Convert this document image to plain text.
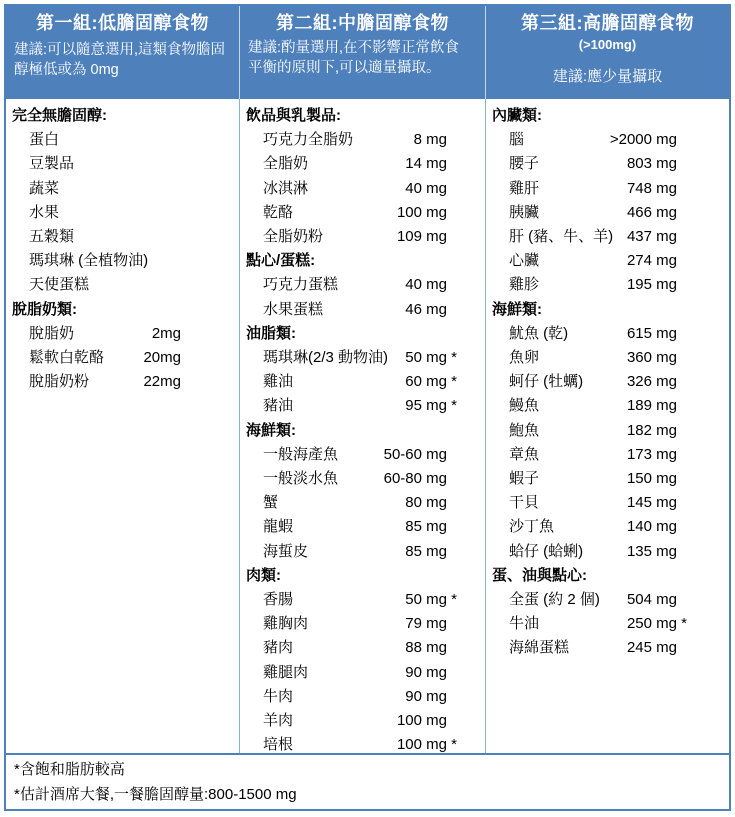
第一組:低膽固醇食物
建議:可以隨意選用,這類食物膽固醇極低或為 0mg
第二組:中膽固醇食物
建議:酌量選用,在不影響正常飲食平衡的原則下,可以適量攝取。
第三組:高膽固醇食物
(>100mg)
建議:應少量攝取
完全無膽固醇:
蛋白
豆製品
蔬菜
水果
五穀類
瑪琪琳 (全植物油)
天使蛋糕
脫脂奶類:
脫脂奶	2mg
鬆軟白乾酪	20mg
脫脂奶粉	22mg
飲品與乳製品:
巧克力全脂奶	8 mg
全脂奶	14 mg
冰淇淋	40 mg
乾酪	100 mg
全脂奶粉	109 mg
點心/蛋糕:
巧克力蛋糕	40 mg
水果蛋糕	46 mg
油脂類:
瑪琪琳(2/3 動物油)	50 mg *
雞油	60 mg *
豬油	95 mg *
海鮮類:
一般海產魚	50-60 mg
一般淡水魚	60-80 mg
蟹	80 mg
龍蝦	85 mg
海蜇皮	85 mg
肉類:
香腸	50 mg *
雞胸肉	79 mg
豬肉	88 mg
雞腿肉	90 mg
牛肉	90 mg
羊肉	100 mg
培根	100 mg *
內臟類:
腦	>2000 mg
腰子	803 mg
雞肝	748 mg
胰臟	466 mg
肝 (豬、牛、羊) 437 mg
心臟	274 mg
雞胗	195 mg
海鮮類:
魷魚 (乾)	615 mg
魚卵	360 mg
蚵仔 (牡蠣)	326 mg
鰻魚	189 mg
鮑魚	182 mg
章魚	173 mg
蝦子	150 mg
干貝	145 mg
沙丁魚	140 mg
蛤仔 (蛤蜊)	135 mg
蛋、油與點心:
全蛋 (約 2 個)	504 mg
牛油	250 mg *
海綿蛋糕	245 mg
*含飽和脂肪較高
*估計酒席大餐,一餐膽固醇量:800-1500 mg
